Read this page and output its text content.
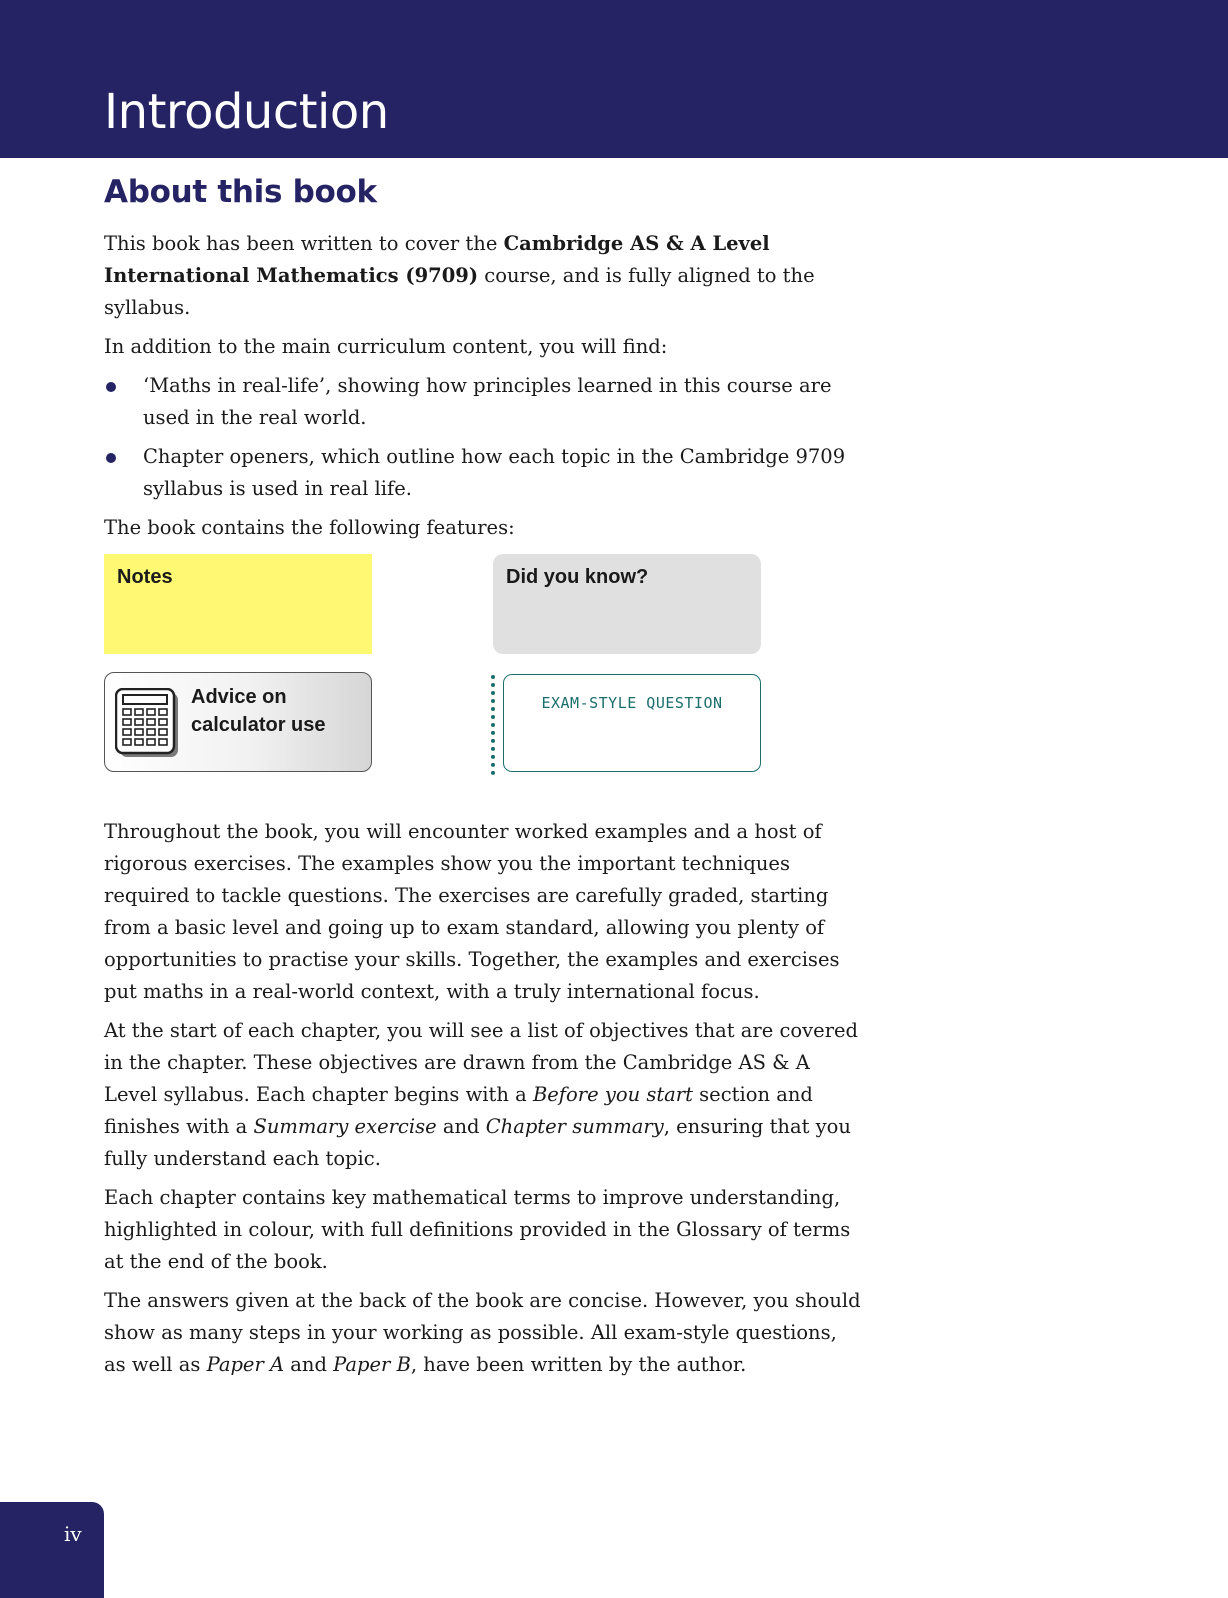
Introduction
About this book

This book has been written to cover the Cambridge AS & A Level International Mathematics (9709) course, and is fully aligned to the syllabus.

In addition to the main curriculum content, you will find:

‘Maths in real-life’, showing how principles learned in this course are used in the real world.
Chapter openers, which outline how each topic in the Cambridge 9709 syllabus is used in real life.

The book contains the following features:

Notes	Did you know?
Advice on
calculator use
EXAM-STYLE QUESTION

Throughout the book, you will encounter worked examples and a host of rigorous exercises. The examples show you the important techniques required to tackle questions. The exercises are carefully graded, starting from a basic level and going up to exam standard, allowing you plenty of opportunities to practise your skills. Together, the examples and exercises put maths in a real-world context, with a truly international focus.

At the start of each chapter, you will see a list of objectives that are covered in the chapter. These objectives are drawn from the Cambridge AS & A Level syllabus. Each chapter begins with a Before you start section and finishes with a Summary exercise and Chapter summary, ensuring that you fully understand each topic.

Each chapter contains key mathematical terms to improve understanding, highlighted in colour, with full definitions provided in the Glossary of terms at the end of the book.

The answers given at the back of the book are concise. However, you should show as many steps in your working as possible. All exam-style questions, as well as Paper A and Paper B, have been written by the author.

iv
